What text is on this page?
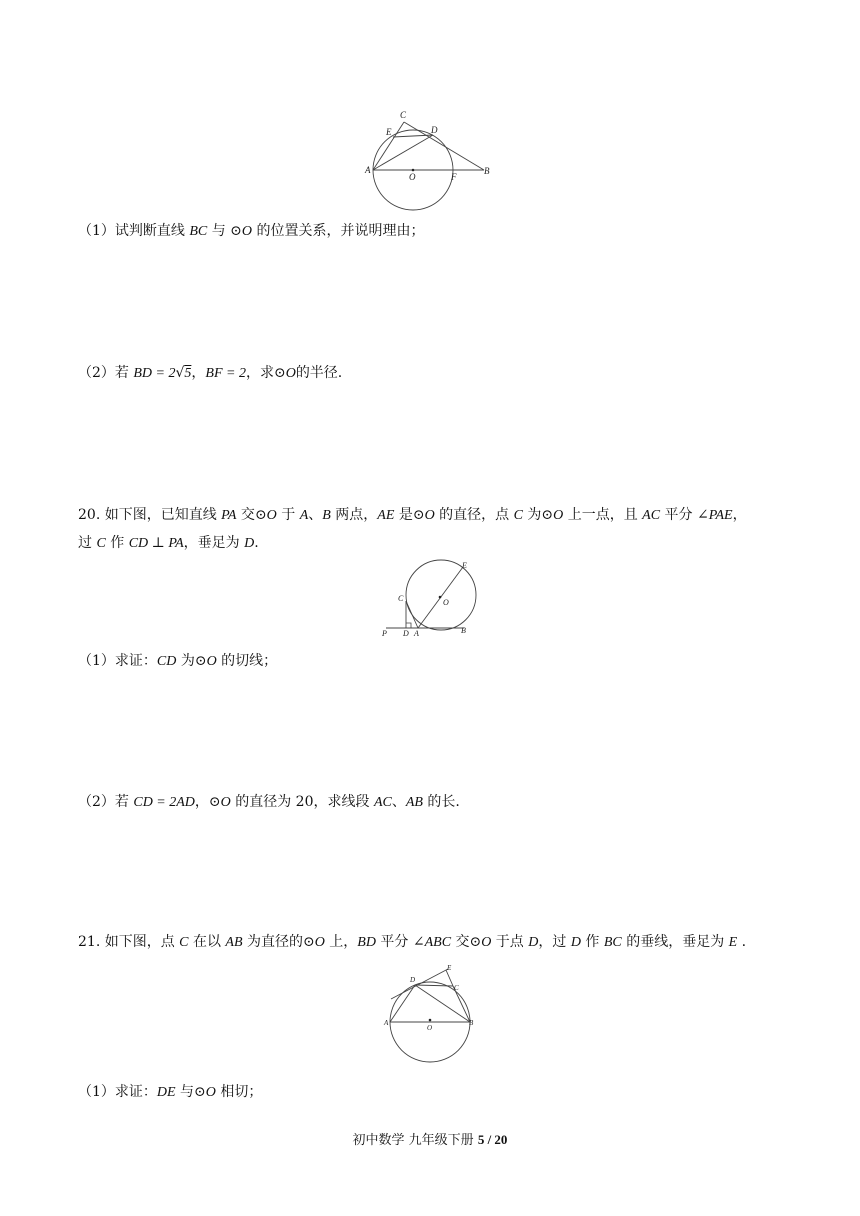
C
E	D
A
O	F
B
（1）试判断直线 BC 与 ⊙O 的位置关系，并说明理由；
（2）若 BD = 2√5，BF = 2，求⊙O的半径.
20. 如下图，已知直线 PA 交⊙O 于 A、B 两点，AE 是⊙O 的直径，点 C 为⊙O 上一点，且 AC 平分 ∠PAE，
过 C 作 CD ⊥ PA，垂足为 D.
E
C	O
P D A	B
（1）求证：CD 为⊙O 的切线；
（2）若 CD = 2AD，⊙O 的直径为 20，求线段 AC、AB 的长.
21. 如下图，点 C 在以 AB 为直径的⊙O 上，BD 平分 ∠ABC 交⊙O 于点 D，过 D 作 BC 的垂线，垂足为 E .
D
E
C
A
O
B
（1）求证：DE 与⊙O 相切；
初中数学 九年级下册 5 / 20
